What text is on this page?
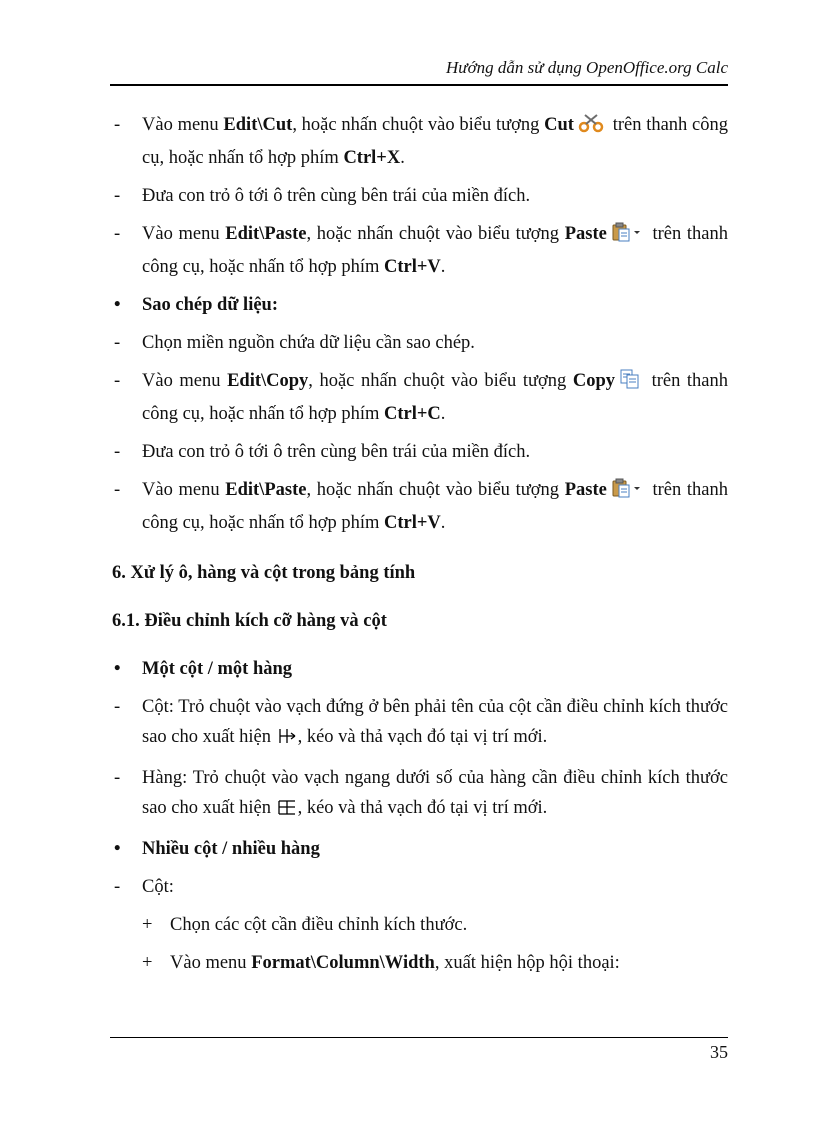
Hướng dẫn sử dụng OpenOffice.org Calc
- Vào menu Edit\Cut, hoặc nhấn chuột vào biểu tượng Cut trên thanh công cụ, hoặc nhấn tổ hợp phím Ctrl+X.
- Đưa con trỏ ô tới ô trên cùng bên trái của miền đích.
- Vào menu Edit\Paste, hoặc nhấn chuột vào biểu tượng Paste trên thanh công cụ, hoặc nhấn tổ hợp phím Ctrl+V.
• Sao chép dữ liệu:
- Chọn miền nguồn chứa dữ liệu cần sao chép.
- Vào menu Edit\Copy, hoặc nhấn chuột vào biểu tượng Copy trên thanh công cụ, hoặc nhấn tổ hợp phím Ctrl+C.
- Đưa con trỏ ô tới ô trên cùng bên trái của miền đích.
- Vào menu Edit\Paste, hoặc nhấn chuột vào biểu tượng Paste trên thanh công cụ, hoặc nhấn tổ hợp phím Ctrl+V.
6. Xử lý ô, hàng và cột trong bảng tính
6.1. Điều chỉnh kích cỡ hàng và cột
• Một cột / một hàng
- Cột: Trỏ chuột vào vạch đứng ở bên phải tên của cột cần điều chỉnh kích thước sao cho xuất hiện , kéo và thả vạch đó tại vị trí mới.
- Hàng: Trỏ chuột vào vạch ngang dưới số của hàng cần điều chỉnh kích thước sao cho xuất hiện , kéo và thả vạch đó tại vị trí mới.
• Nhiều cột / nhiều hàng
- Cột:
+ Chọn các cột cần điều chỉnh kích thước.
+ Vào menu Format\Column\Width, xuất hiện hộp hội thoại:
35
